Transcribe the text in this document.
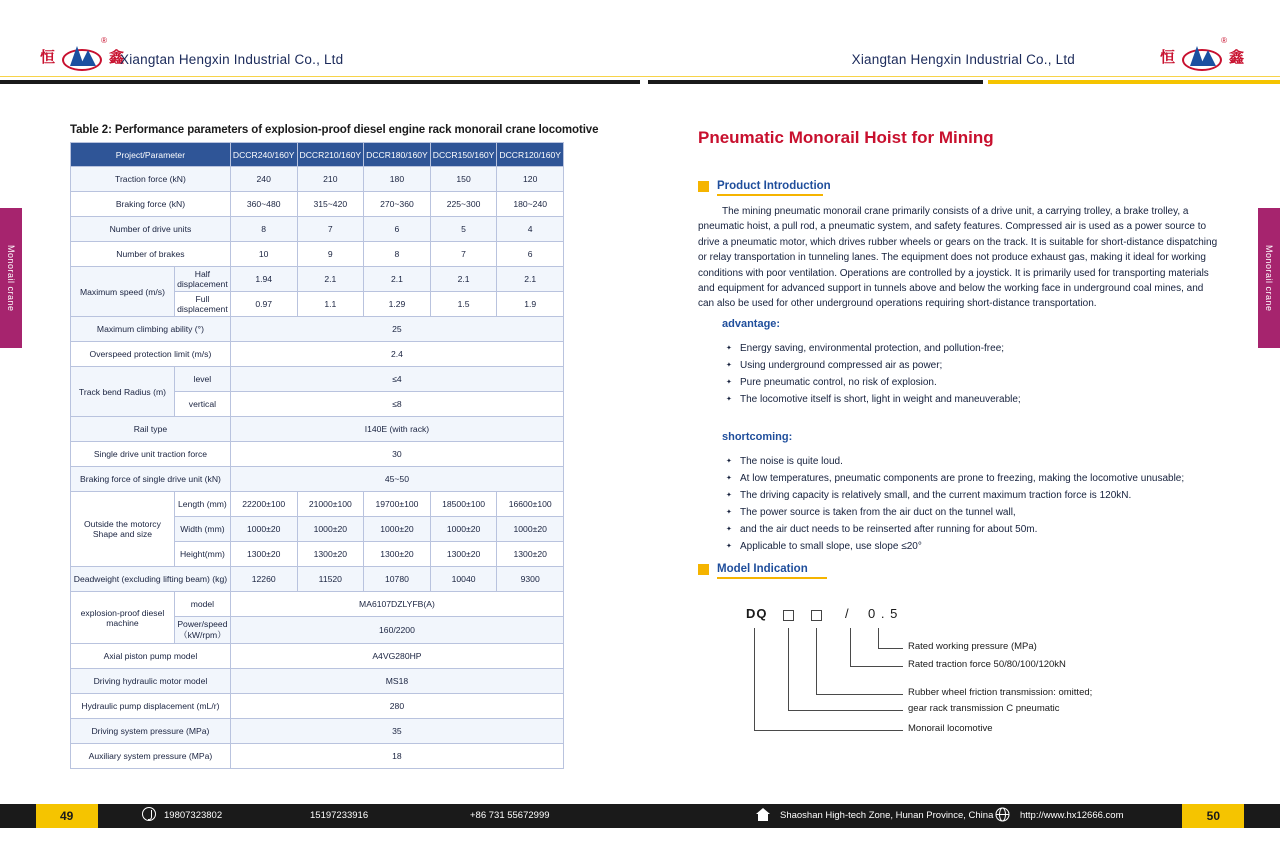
恒
®
鑫
Xiangtan Hengxin Industrial Co., Ltd	Xiangtan Hengxin Industrial Co., Ltd	恒
®
鑫
Monorail crane	Monorail crane
Table 2: Performance parameters of explosion-proof diesel engine rack monorail crane locomotive
Project/Parameter		DCCR240/160Y	DCCR210/160Y	DCCR180/160Y	DCCR150/160Y	DCCR120/160Y
Traction force (kN)		240	210	180	150	120
Braking force (kN)		360~480	315~420	270~360	225~300	180~240
Number of drive units		8	7	6	5	4
Number of brakes		10	9	8	7	6
Maximum speed (m/s)	Half displacement	1.94	2.1	2.1	2.1	2.1
	Full displacement	0.97	1.1	1.29	1.5	1.9
Maximum climbing ability (°)		25				
Overspeed protection limit (m/s)		2.4				
Track bend Radius (m)	level	≤4				
	vertical	≤8				
Rail type		I140E (with rack)				
Single drive unit traction force		30				
Braking force of single drive unit (kN)		45~50				
Outside the motorcy Shape and size	Length (mm)	22200±100	21000±100	19700±100	18500±100	16600±100
	Width (mm)	1000±20	1000±20	1000±20	1000±20	1000±20
	Height(mm)	1300±20	1300±20	1300±20	1300±20	1300±20
Deadweight (excluding lifting beam) (kg)		12260	11520	10780	10040	9300
explosion-proof diesel machine	model	MA6107DZLYFB(A)				
	Power/speed （kW/rpm）	160/2200				
Axial piston pump model		A4VG280HP				
Driving hydraulic motor model		MS18				
Hydraulic pump displacement (mL/r)		280				
Driving system pressure (MPa)		35				
Auxiliary system pressure (MPa)		18				
Pneumatic Monorail Hoist for Mining
Product Introduction
The mining pneumatic monorail crane primarily consists of a drive unit, a carrying trolley, a brake trolley, a pneumatic hoist, a pull rod, a pneumatic system, and safety features. Compressed air is used as a power source to drive a pneumatic motor, which drives rubber wheels or gears on the track. It is suitable for short-distance dispatching or relay transportation in tunneling lanes. The equipment does not produce exhaust gas, making it ideal for working conditions with poor ventilation. Operations are controlled by a joystick. It is primarily used for transporting materials and equipment for advanced support in tunnels above and below the working face in underground coal mines, and can also be used for other underground operations requiring short-distance transportation.
advantage:
✦ Energy saving, environmental protection, and pollution-free;
✦ Using underground compressed air as power;
✦ Pure pneumatic control, no risk of explosion.
✦ The locomotive itself is short, light in weight and maneuverable;
shortcoming:
✦ The noise is quite loud.
✦ At low temperatures, pneumatic components are prone to freezing, making the locomotive unusable;
✦ The driving capacity is relatively small, and the current maximum traction force is 120kN.
✦ The power source is taken from the air duct on the tunnel wall,
✦ and the air duct needs to be reinserted after running for about 50m.
✦ Applicable to small slope, use slope ≤20°
Model Indication
DQ	/ 0 . 5
Rated working pressure (MPa)
Rated traction force 50/80/100/120kN
Rubber wheel friction transmission: omitted;
gear rack transmission C pneumatic
Monorail locomotive
49	50
19807323802	15197233916	+86 731 55672999	Shaoshan High-tech Zone, Hunan Province, China	http://www.hx12666.com
